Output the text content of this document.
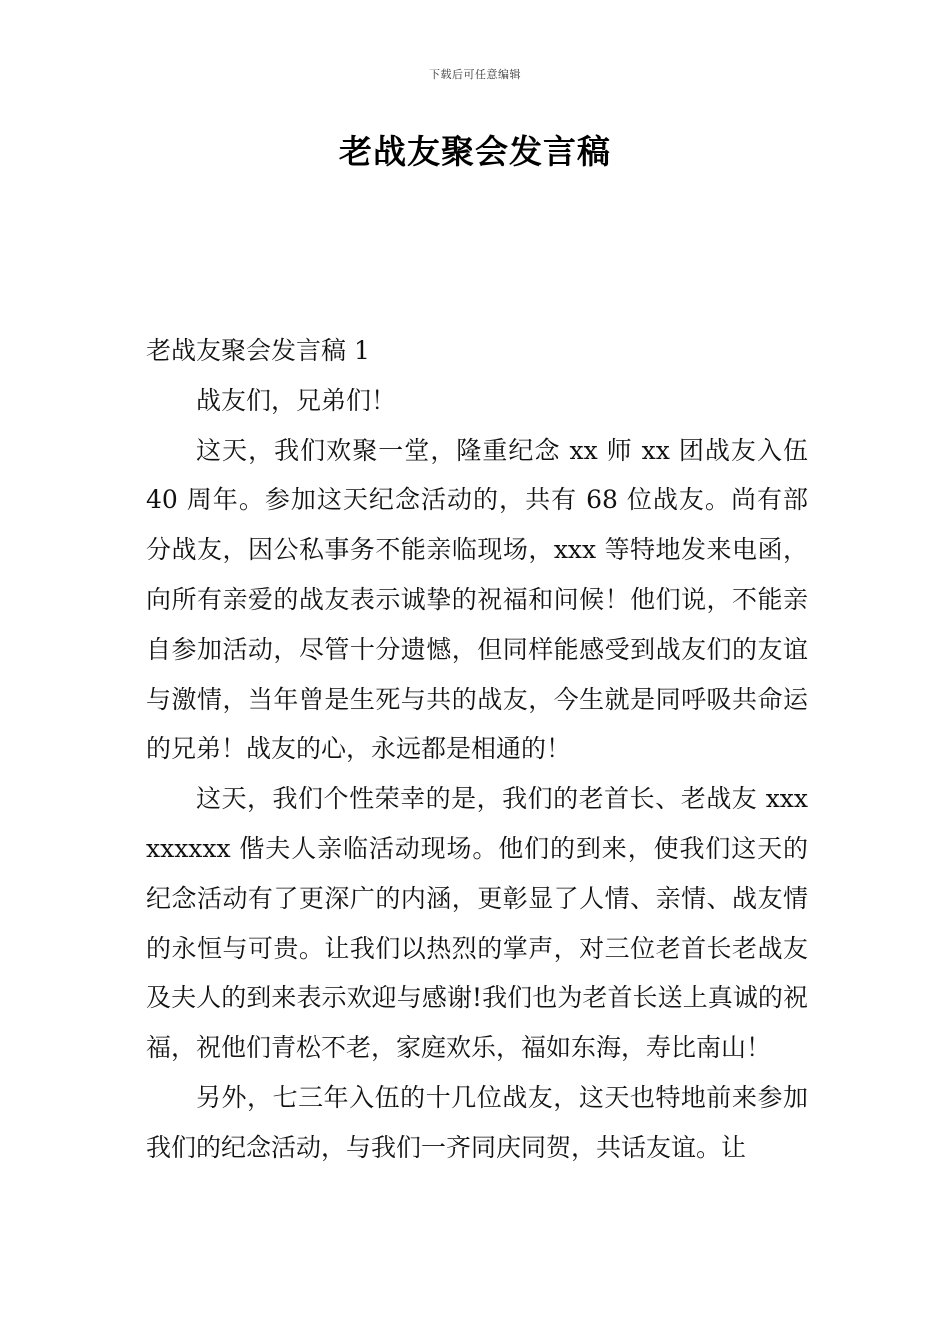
下载后可任意编辑
老战友聚会发言稿

老战友聚会发言稿 1

战友们，兄弟们！

这天，我们欢聚一堂，隆重纪念 xx 师 xx 团战友入伍 40 周年。参加这天纪念活动的，共有 68 位战友。尚有部分战友，因公私事务不能亲临现场，xxx 等特地发来电函，向所有亲爱的战友表示诚挚的祝福和问候！他们说，不能亲自参加活动，尽管十分遗憾，但同样能感受到战友们的友谊与激情，当年曾是生死与共的战友，今生就是同呼吸共命运的兄弟！战友的心，永远都是相通的！

这天，我们个性荣幸的是，我们的老首长、老战友 xxxxxxxxx 偕夫人亲临活动现场。他们的到来，使我们这天的纪念活动有了更深广的内涵，更彰显了人情、亲情、战友情的永恒与可贵。让我们以热烈的掌声，对三位老首长老战友及夫人的到来表示欢迎与感谢!我们也为老首长送上真诚的祝福，祝他们青松不老，家庭欢乐，福如东海，寿比南山！

另外，七三年入伍的十几位战友，这天也特地前来参加我们的纪念活动，与我们一齐同庆同贺，共话友谊。让
